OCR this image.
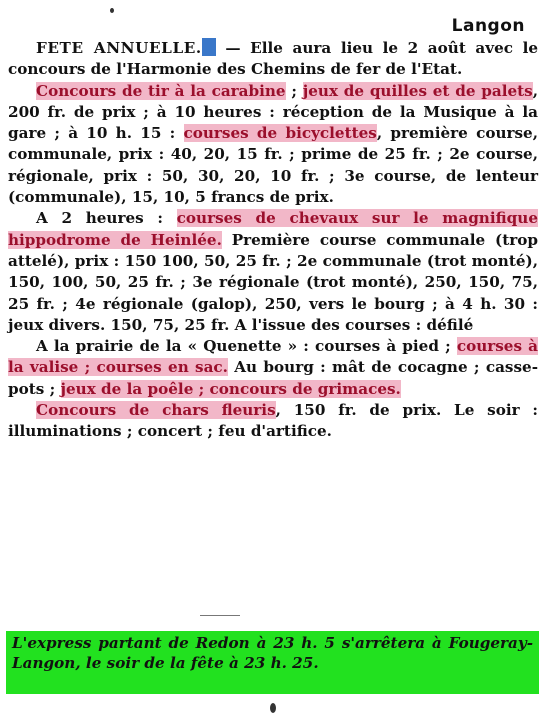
Langon

FETE ANNUELLE. — Elle aura lieu le 2 août avec le concours de l'Harmonie des Chemins de fer de l'Etat.

Concours de tir à la carabine ; jeux de quilles et de palets, 200 fr. de prix ; à 10 heures : réception de la Musique à la gare ; à 10 h. 15 : courses de bicyclettes, première course, communale, prix : 40, 20, 15 fr. ; prime de 25 fr. ; 2e course, régionale, prix : 50, 30, 20, 10 fr. ; 3e course, de lenteur (communale), 15, 10, 5 francs de prix.

A 2 heures : courses de chevaux sur le magnifique hippodrome de Heinlée. Première course communale (trop attelé), prix : 150 100, 50, 25 fr. ; 2e communale (trot monté), 150, 100, 50, 25 fr. ; 3e régionale (trot monté), 250, 150, 75, 25 fr. ; 4e régionale (galop), 250, vers le bourg ; à 4 h. 30 : jeux divers. 150, 75, 25 fr. A l'issue des courses : défilé

A la prairie de la « Quenette » : courses à pied ; courses à la valise ; courses en sac. Au bourg : mât de cocagne ; casse-pots ; jeux de la poêle ; concours de grimaces.

Concours de chars fleuris, 150 fr. de prix. Le soir : illuminations ; concert ; feu d'artifice.

L'express partant de Redon à 23 h. 5 s'arrêtera à Fougeray-Langon, le soir de la fête à 23 h. 25.
